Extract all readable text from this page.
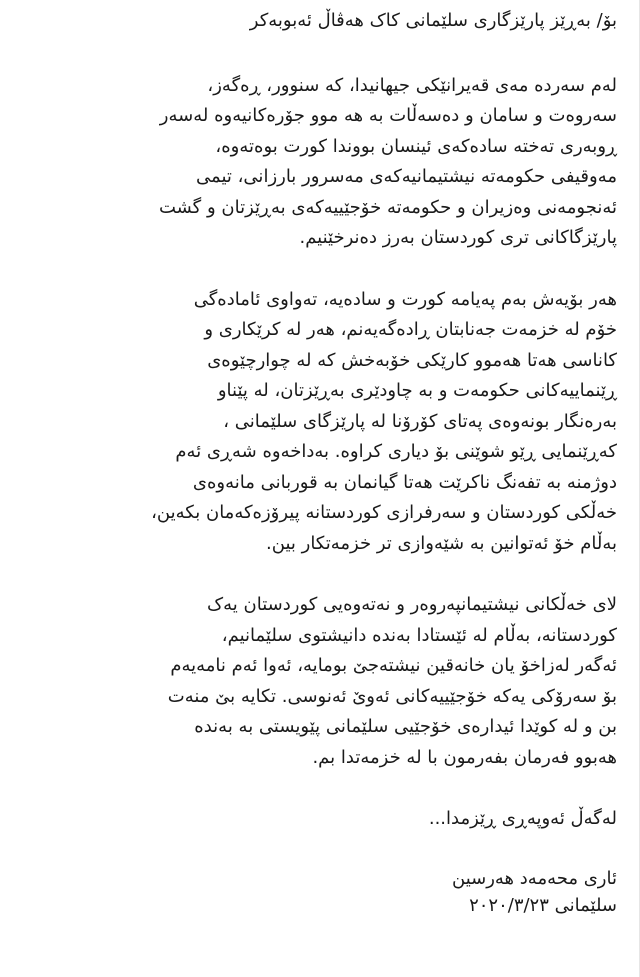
بۆ/ بەڕێز پارێزگاری سلێمانی کاک هەڤاڵ ئەبوبەکر

لەم سەردە مەی قەیرانێکی جیهانیدا، کە سنوور، ڕەگەز،
سەروەت و سامان و دەسەڵات بە هە موو جۆرەکانیەوە لەسەر
ڕوبەری تەختە سادەکەی ئینسان بووندا کورت بوەتەوە،
مەوقیفی حکومەتە نیشتیمانیەکەی مەسرور بارزانی، تیمی
ئەنجومەنی وەزیران و حکومەتە خۆجێییەکەی بەڕێزتان و گشت
پارێزگاکانی تری کوردستان بەرز دەنرخێنیم.

هەر بۆیەش بەم پەیامە کورت و سادەیە، تەواوی ئامادەگی
خۆم لە خزمەت جەنابتان ڕادەگەیەنم، هەر لە کرێکاری و
کاناسی هەتا هەموو کارێکی خۆبەخش کە لە چوارچێوەی
ڕێنماییەکانی حکومەت و بە چاودێری بەڕێزتان، لە پێناو
بەرەنگار بونەوەی پەتای کۆرۆنا لە پارێزگای سلێمانی ،
کەڕێنمایی ڕێو شوێنی بۆ دیاری کراوە. بەداخەوە شەڕی ئەم
دوژمنە بە تفەنگ ناکرێت هەتا گیانمان بە قوربانی مانەوەی
خەڵکی کوردستان و سەرفرازی کوردستانە پیرۆزەکەمان بکەین،
بەڵام خۆ ئەتوانین بە شێەوازی تر خزمەتکار بین.

لای خەڵکانی نیشتیمانپەروەر و نەتەوەیی کوردستان یەک
کوردستانە، بەڵام لە ئێستادا بەندە دانیشتوی سلێمانیم،
ئەگەر لەزاخۆ یان خانەقین نیشتەجێ بومایە، ئەوا ئەم نامەیەم
بۆ سەرۆکی یەکە خۆجێییەکانی ئەوێ ئەنوسی. تکایە بێ منەت
بن و لە کوێدا ئیدارەی خۆجێیی سلێمانی پێویستی بە بەندە
هەبوو فەرمان بفەرمون با لە خزمەتدا بم.

لەگەڵ ئەوپەڕی ڕێزمدا...

ئاری محەمەد هەرسین

سلێمانی ٢٠٢٠/٣/٢٣
